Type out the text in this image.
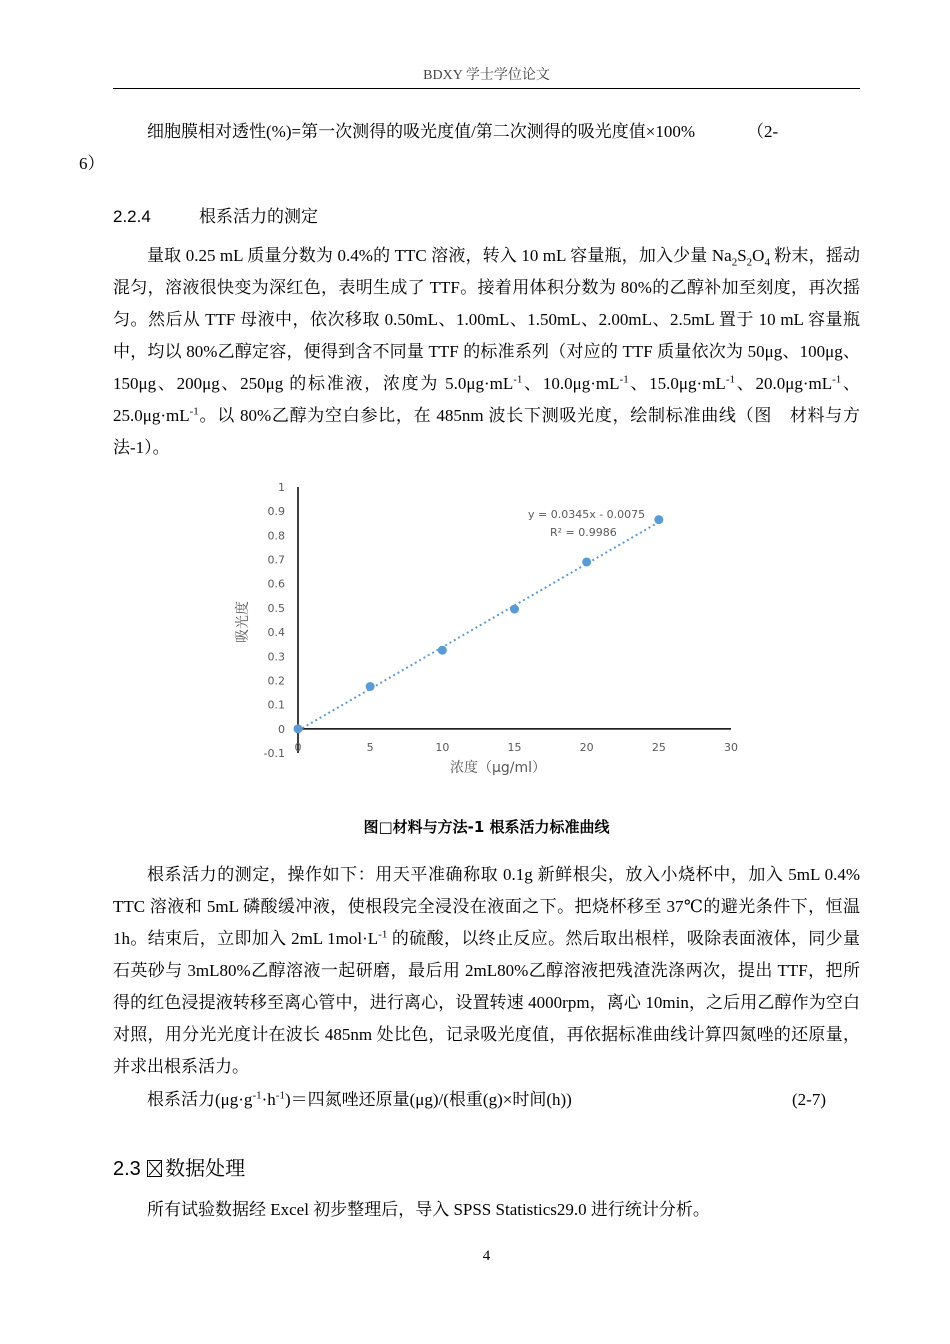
BDXY 学士学位论文
细胞膜相对透性(%)=第一次测得的吸光度值/第二次测得的吸光度值×100%	（2-
6）
2.2.4	根系活力的测定
量取 0.25 mL 质量分数为 0.4%的 TTC 溶液，转入 10 mL 容量瓶，加入少量 $Na_2S_2O_4$ 粉末，摇动混匀，溶液很快变为深红色，表明生成了 TTF。接着用体积分数为 80%的乙醇补加至刻度，再次摇匀。然后从 TTF 母液中，依次移取 0.50mL、1.00mL、1.50mL、2.00mL、2.5mL 置于 10 mL 容量瓶中，均以 80%乙醇定容，便得到含不同量 TTF 的标准系列（对应的 TTF 质量依次为 50μg、100μg、150μg、200μg、250μg 的标准液，浓度为 $5.0\mu g\cdot mL^{-1}$、$10.0\mu g\cdot mL^{-1}$、$15.0\mu g\cdot mL^{-1}$、$20.0\mu g\cdot mL^{-1}$、$25.0\mu g\cdot mL^{-1}$。以 80%乙醇为空白参比，在 485nm 波长下测吸光度，绘制标准曲线（图　材料与方法-1）。
吸光度
浓度（μg/ml）
y = 0.0345x - 0.0075
R² = 0.9986
-0.1
0
0.1
0.2
0.3
0.4
0.5
0.6
0.7
0.8
0.9
1
0	5	10	15	20	25	30
图□材料与方法-1 根系活力标准曲线
根系活力的测定，操作如下：用天平准确称取 0.1g 新鲜根尖，放入小烧杯中，加入 5mL 0.4% TTC 溶液和 5mL 磷酸缓冲液，使根段完全浸没在液面之下。把烧杯移至 37℃的避光条件下，恒温 1h。结束后，立即加入 2mL $1mol\cdot L^{-1}$ 的硫酸，以终止反应。然后取出根样，吸除表面液体，同少量石英砂与 3mL80%乙醇溶液一起研磨，最后用 2mL80%乙醇溶液把残渣洗涤两次，提出 TTF，把所得的红色浸提液转移至离心管中，进行离心，设置转速 4000rpm，离心 10min，之后用乙醇作为空白对照，用分光光度计在波长 485nm 处比色，记录吸光度值，再依据标准曲线计算四氮唑的还原量，并求出根系活力。
根系活力$(\mu g\cdot g^{-1}\cdot h^{-1})=$四氮唑还原量(μg)/(根重(g)×时间(h))	(2-7)
2.3 数据处理
所有试验数据经 Excel 初步整理后，导入 SPSS Statistics29.0 进行统计分析。
4
